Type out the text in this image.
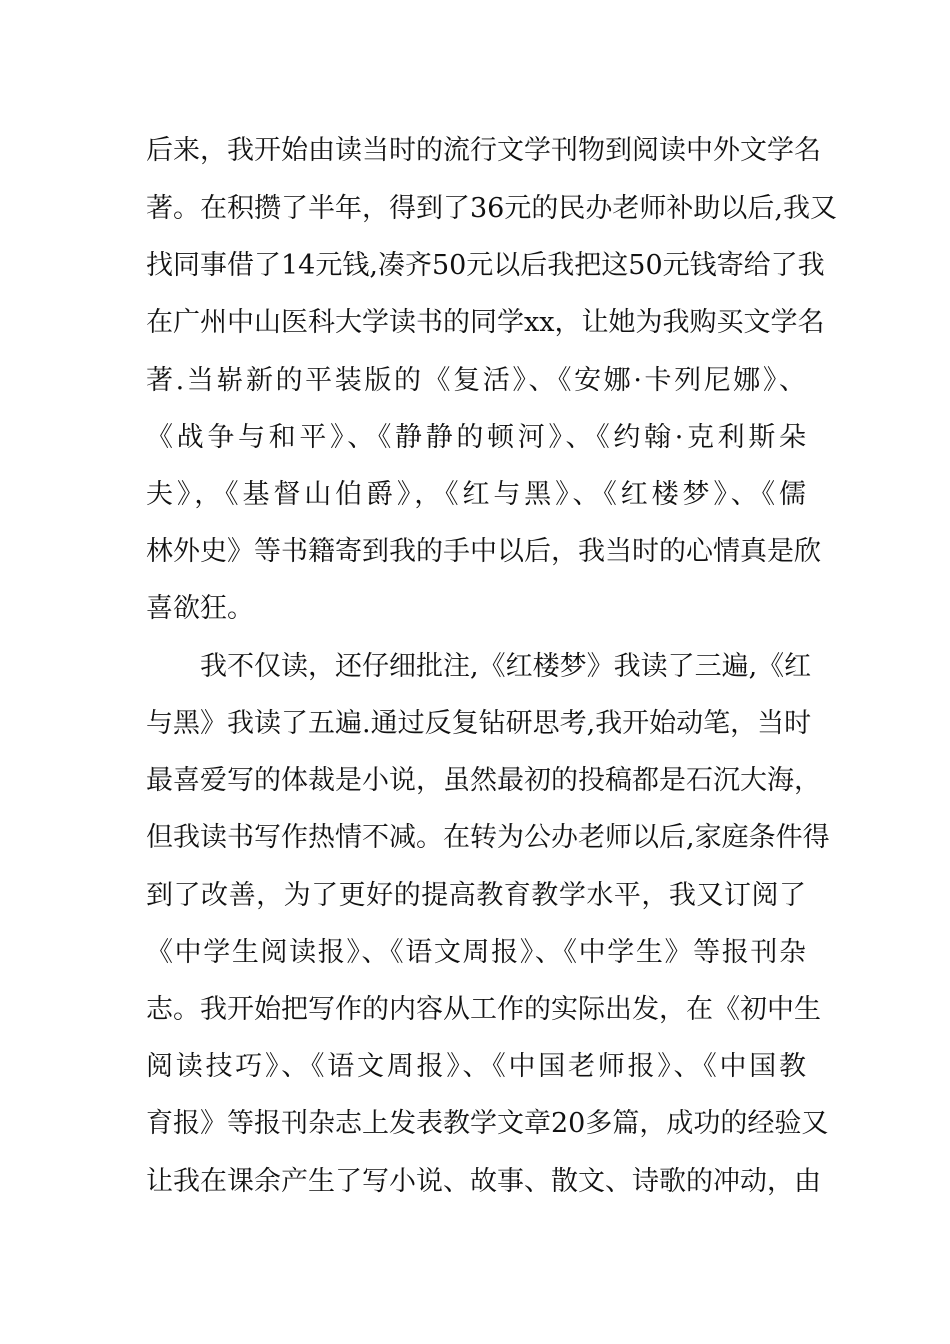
后来，我开始由读当时的流行文学刊物到阅读中外文学名
著。在积攒了半年，得到了36元的民办老师补助以后,我又
找同事借了14元钱,凑齐50元以后我把这50元钱寄给了我
在广州中山医科大学读书的同学xx，让她为我购买文学名
著.当崭新的平装版的《复活》、《安娜·卡列尼娜》、
《战争与和平》、《静静的顿河》、《约翰·克利斯朵
夫》，《基督山伯爵》，《红与黑》、《红楼梦》、《儒
林外史》等书籍寄到我的手中以后，我当时的心情真是欣
喜欲狂。
我不仅读，还仔细批注,《红楼梦》我读了三遍,《红
与黑》我读了五遍.通过反复钻研思考,我开始动笔，当时
最喜爱写的体裁是小说，虽然最初的投稿都是石沉大海，
但我读书写作热情不减。在转为公办老师以后,家庭条件得
到了改善，为了更好的提高教育教学水平，我又订阅了
《中学生阅读报》、《语文周报》、《中学生》等报刊杂
志。我开始把写作的内容从工作的实际出发，在《初中生
阅读技巧》、《语文周报》、《中国老师报》、《中国教
育报》等报刊杂志上发表教学文章20多篇，成功的经验又
让我在课余产生了写小说、故事、散文、诗歌的冲动，由
